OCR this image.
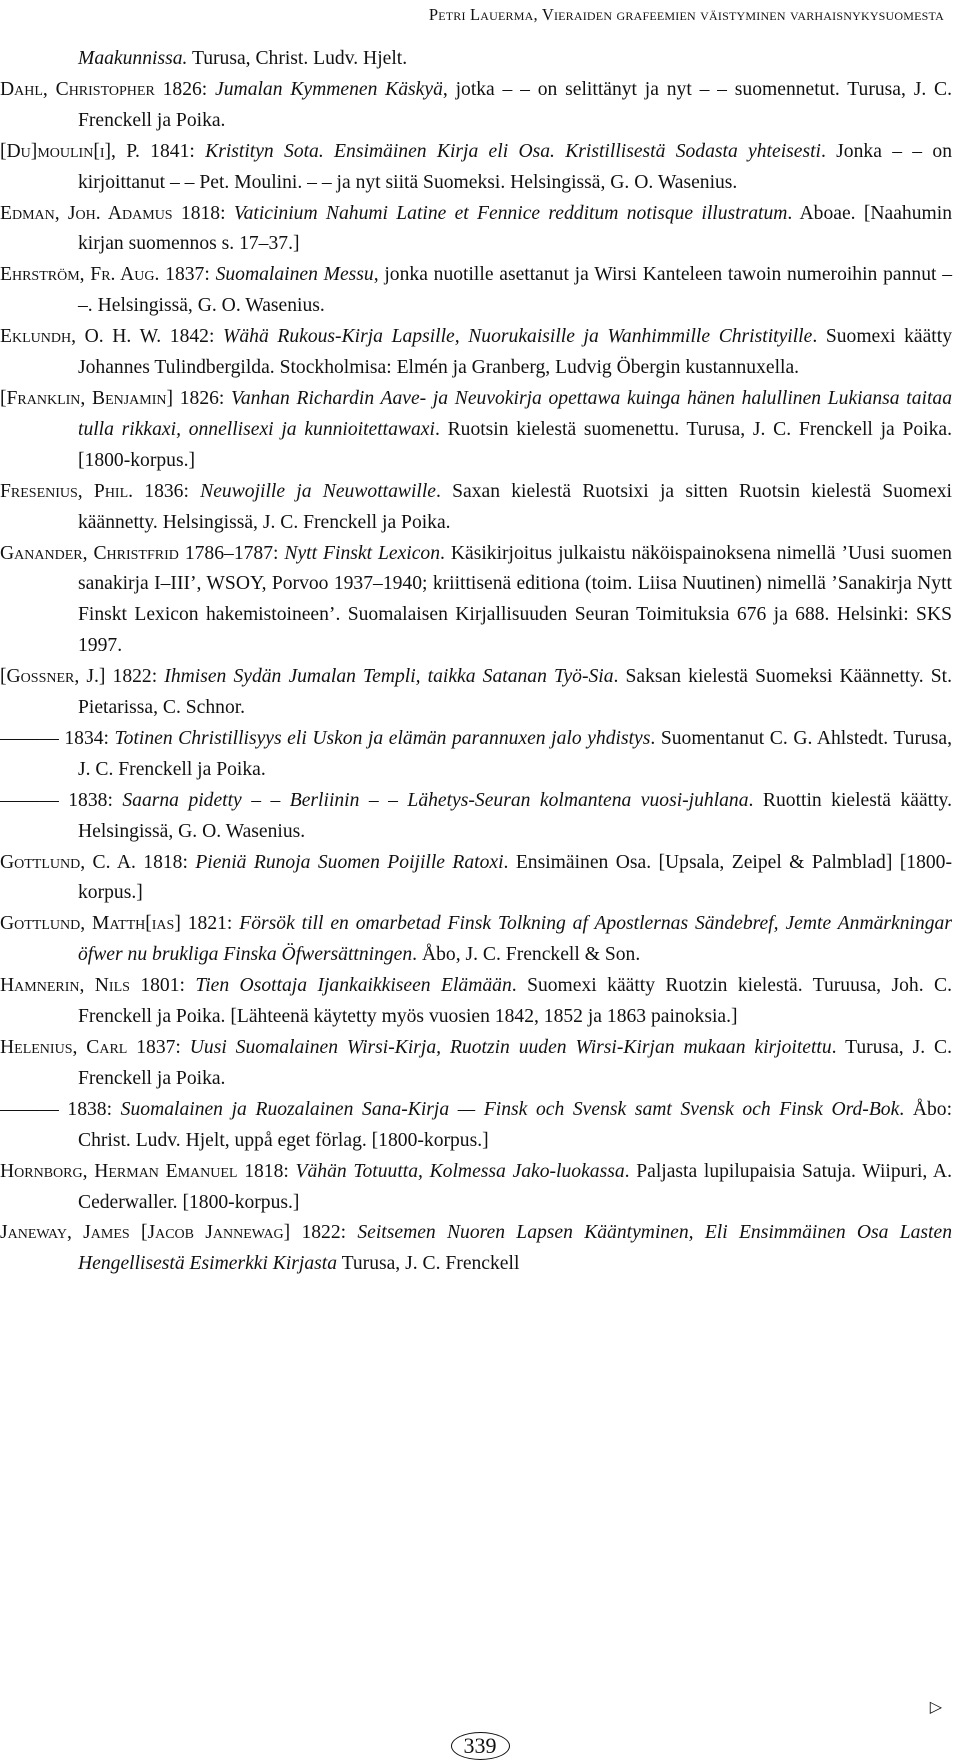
Petri Lauerma, Vieraiden grafeemien väistyminen varhaisnykysuomesta
Maakunnissa. Turusa, Christ. Ludv. Hjelt.
Dahl, Christopher 1826: Jumalan Kymmenen Käskyä, jotka – – on selittänyt ja nyt – – suomennetut. Turusa, J. C. Frenckell ja Poika.
[Du]moulin[i], P. 1841: Kristityn Sota. Ensimäinen Kirja eli Osa. Kristillisestä Sodasta yhteisesti. Jonka – – on kirjoittanut – – Pet. Moulini. – – ja nyt siitä Suomeksi. Helsingissä, G. O. Wasenius.
Edman, Joh. Adamus 1818: Vaticinium Nahumi Latine et Fennice redditum notisque illustratum. Aboae. [Naahumin kirjan suomennos s. 17–37.]
Ehrström, Fr. Aug. 1837: Suomalainen Messu, jonka nuotille asettanut ja Wirsi Kanteleen tawoin numeroihin pannut – –. Helsingissä, G. O. Wasenius.
Eklundh, O. H. W. 1842: Wähä Rukous-Kirja Lapsille, Nuorukaisille ja Wanhimmille Christityille. Suomexi käätty Johannes Tulindbergilda. Stockholmisa: Elmén ja Granberg, Ludvig Öbergin kustannuxella.
[Franklin, Benjamin] 1826: Vanhan Richardin Aave- ja Neuvokirja opettawa kuinga hänen halullinen Lukiansa taitaa tulla rikkaxi, onnellisexi ja kunnioitettawaxi. Ruotsin kielestä suomenettu. Turusa, J. C. Frenckell ja Poika. [1800-korpus.]
Fresenius, Phil. 1836: Neuwojille ja Neuwottawille. Saxan kielestä Ruotsixi ja sitten Ruotsin kielestä Suomexi käännetty. Helsingissä, J. C. Frenckell ja Poika.
Ganander, Christfrid 1786–1787: Nytt Finskt Lexicon. Käsikirjoitus julkaistu näköispainoksena nimellä ’Uusi suomen sanakirja I–III’, WSOY, Porvoo 1937–1940; kriittisenä editiona (toim. Liisa Nuutinen) nimellä ’Sanakirja Nytt Finskt Lexicon hakemistoineen’. Suomalaisen Kirjallisuuden Seuran Toimituksia 676 ja 688. Helsinki: SKS 1997.
[Gossner, J.] 1822: Ihmisen Sydän Jumalan Templi, taikka Satanan Työ-Sia. Saksan kielestä Suomeksi Käännetty. St. Pietarissa, C. Schnor.
——— 1834: Totinen Christillisyys eli Uskon ja elämän parannuxen jalo yhdistys. Suomentanut C. G. Ahlstedt. Turusa, J. C. Frenckell ja Poika.
——— 1838: Saarna pidetty – – Berliinin – – Lähetys-Seuran kolmantena vuosi-juhlana. Ruottin kielestä käätty. Helsingissä, G. O. Wasenius.
Gottlund, C. A. 1818: Pieniä Runoja Suomen Poijille Ratoxi. Ensimäinen Osa. [Upsala, Zeipel & Palmblad] [1800-korpus.]
Gottlund, Matth[ias] 1821: Försök till en omarbetad Finsk Tolkning af Apostlernas Sändebref, Jemte Anmärkningar öfwer nu brukliga Finska Öfwersättningen. Åbo, J. C. Frenckell & Son.
Hamnerin, Nils 1801: Tien Osottaja Ijankaikkiseen Elämään. Suomexi käätty Ruotzin kielestä. Turuusa, Joh. C. Frenckell ja Poika. [Lähteenä käytetty myös vuosien 1842, 1852 ja 1863 painoksia.]
Helenius, Carl 1837: Uusi Suomalainen Wirsi-Kirja, Ruotzin uuden Wirsi-Kirjan mukaan kirjoitettu. Turusa, J. C. Frenckell ja Poika.
——— 1838: Suomalainen ja Ruozalainen Sana-Kirja — Finsk och Svensk samt Svensk och Finsk Ord-Bok. Åbo: Christ. Ludv. Hjelt, uppå eget förlag. [1800-korpus.]
Hornborg, Herman Emanuel 1818: Vähän Totuutta, Kolmessa Jako-luokassa. Paljasta lupilupaisia Satuja. Wiipuri, A. Cederwaller. [1800-korpus.]
Janeway, James [Jacob Jannewag] 1822: Seitsemen Nuoren Lapsen Kääntyminen, Eli Ensimmäinen Osa Lasten Hengellisestä Esimerkki Kirjasta Turusa, J. C. Frenckell
▷
339
